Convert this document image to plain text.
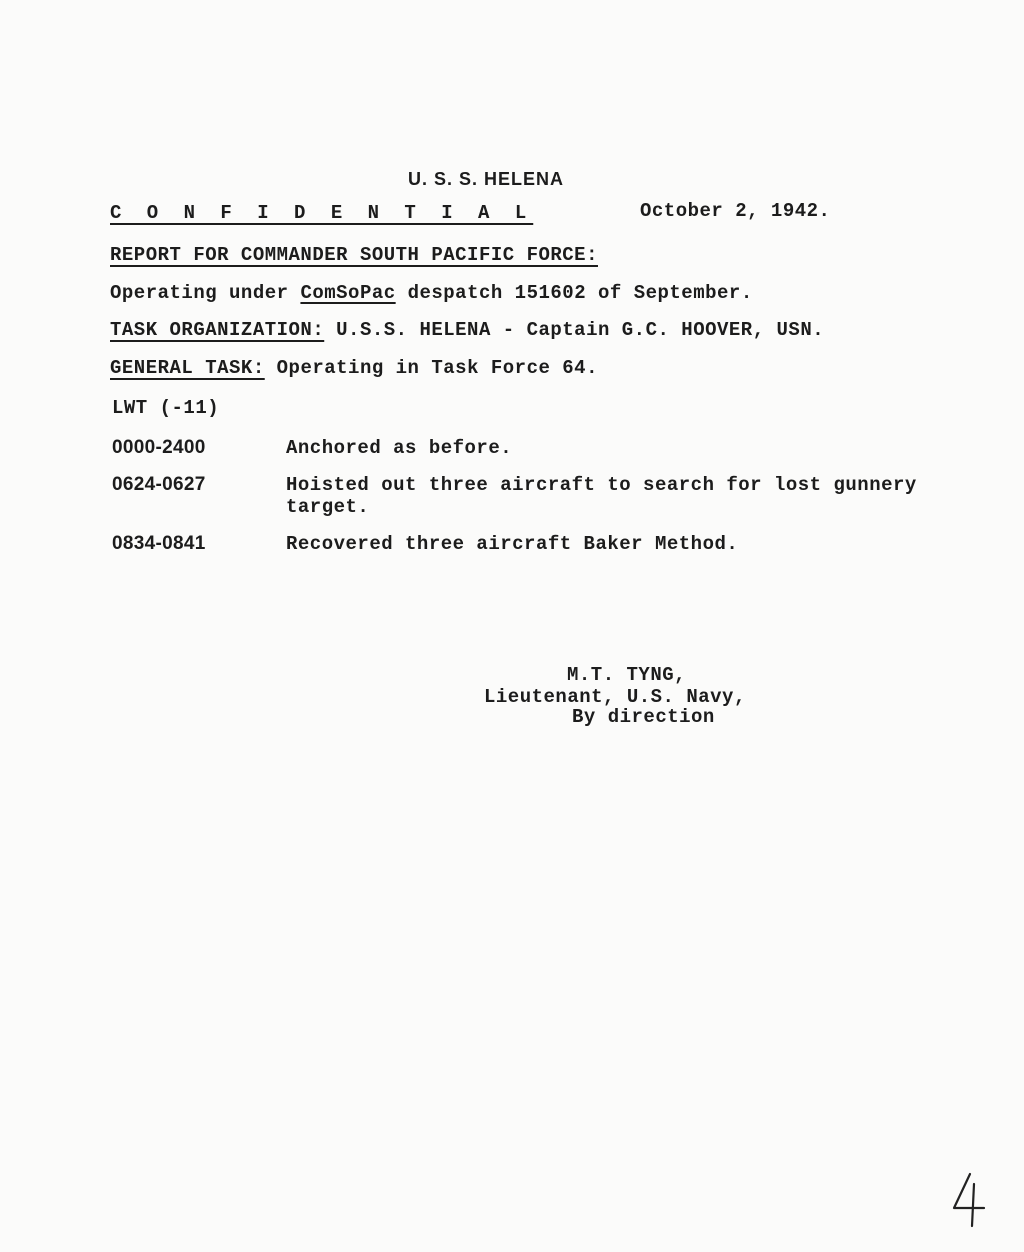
U. S. S. HELENA
C O N F I D E N T I A L	October 2, 1942.
REPORT FOR COMMANDER SOUTH PACIFIC FORCE:
Operating under ComSoPac despatch 151602 of September.
TASK ORGANIZATION: U.S.S. HELENA - Captain G.C. HOOVER, USN.
GENERAL TASK: Operating in Task Force 64.
LWT (-11)
0000-2400	Anchored as before.
0624-0627	Hoisted out three aircraft to search for lost gunnery target.
0834-0841	Recovered three aircraft Baker Method.
M.T. TYNG,
Lieutenant, U.S. Navy,
By direction
